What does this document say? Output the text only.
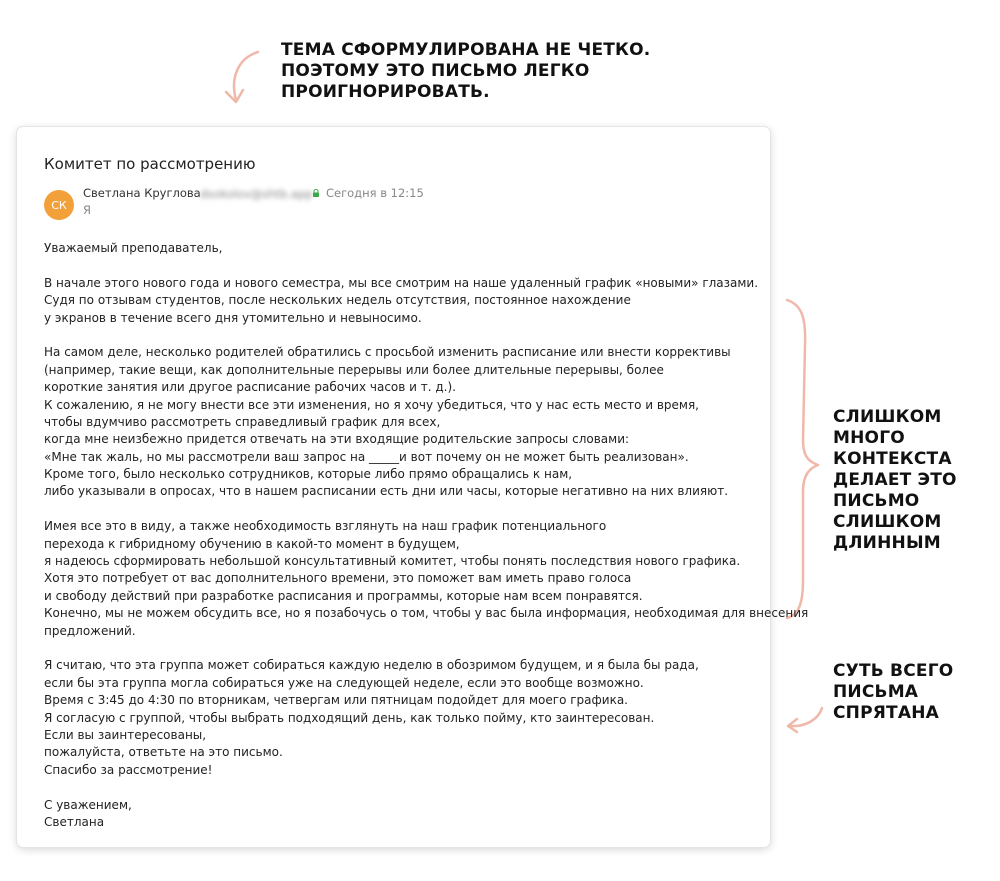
ТЕМА СФОРМУЛИРОВАНА НЕ ЧЕТКО.
ПОЭТОМУ ЭТО ПИСЬМО ЛЕГКО
ПРОИГНОРИРОВАТЬ.
СЛИШКОМ
МНОГО
КОНТЕКСТА
ДЕЛАЕТ ЭТО
ПИСЬМО
СЛИШКОМ
ДЛИННЫМ
СУТЬ ВСЕГО
ПИСЬМА
СПРЯТАНА
Комитет по рассмотрению
СК
Светлана Круглова dsokolov@shtb.app Сегодня в 12:15
Я
Уважаемый преподаватель,
В начале этого нового года и нового семестра, мы все смотрим на наше удаленный график «новыми» глазами.
Судя по отзывам студентов, после нескольких недель отсутствия, постоянное нахождение
у экранов в течение всего дня утомительно и невыносимо.
На самом деле, несколько родителей обратились с просьбой изменить расписание или внести коррективы
(например, такие вещи, как дополнительные перерывы или более длительные перерывы, более
короткие занятия или другое расписание рабочих часов и т. д.).
К сожалению, я не могу внести все эти изменения, но я хочу убедиться, что у нас есть место и время,
чтобы вдумчиво рассмотреть справедливый график для всех,
когда мне неизбежно придется отвечать на эти входящие родительские запросы словами:
«Мне так жаль, но мы рассмотрели ваш запрос на _____и вот почему он не может быть реализован».
Кроме того, было несколько сотрудников, которые либо прямо обращались к нам,
либо указывали в опросах, что в нашем расписании есть дни или часы, которые негативно на них влияют.
Имея все это в виду, а также необходимость взглянуть на наш график потенциального
перехода к гибридному обучению в какой-то момент в будущем,
я надеюсь сформировать небольшой консультативный комитет, чтобы понять последствия нового графика.
Хотя это потребует от вас дополнительного времени, это поможет вам иметь право голоса
и свободу действий при разработке расписания и программы, которые нам всем понравятся.
Конечно, мы не можем обсудить все, но я позабочусь о том, чтобы у вас была информация, необходимая для внесения
предложений.
Я считаю, что эта группа может собираться каждую неделю в обозримом будущем, и я была бы рада,
если бы эта группа могла собираться уже на следующей неделе, если это вообще возможно.
Время с 3:45 до 4:30 по вторникам, четвергам или пятницам подойдет для моего графика.
Я согласую с группой, чтобы выбрать подходящий день, как только пойму, кто заинтересован.
Если вы заинтересованы,
пожалуйста, ответьте на это письмо.
Спасибо за рассмотрение!
С уважением,
Светлана
